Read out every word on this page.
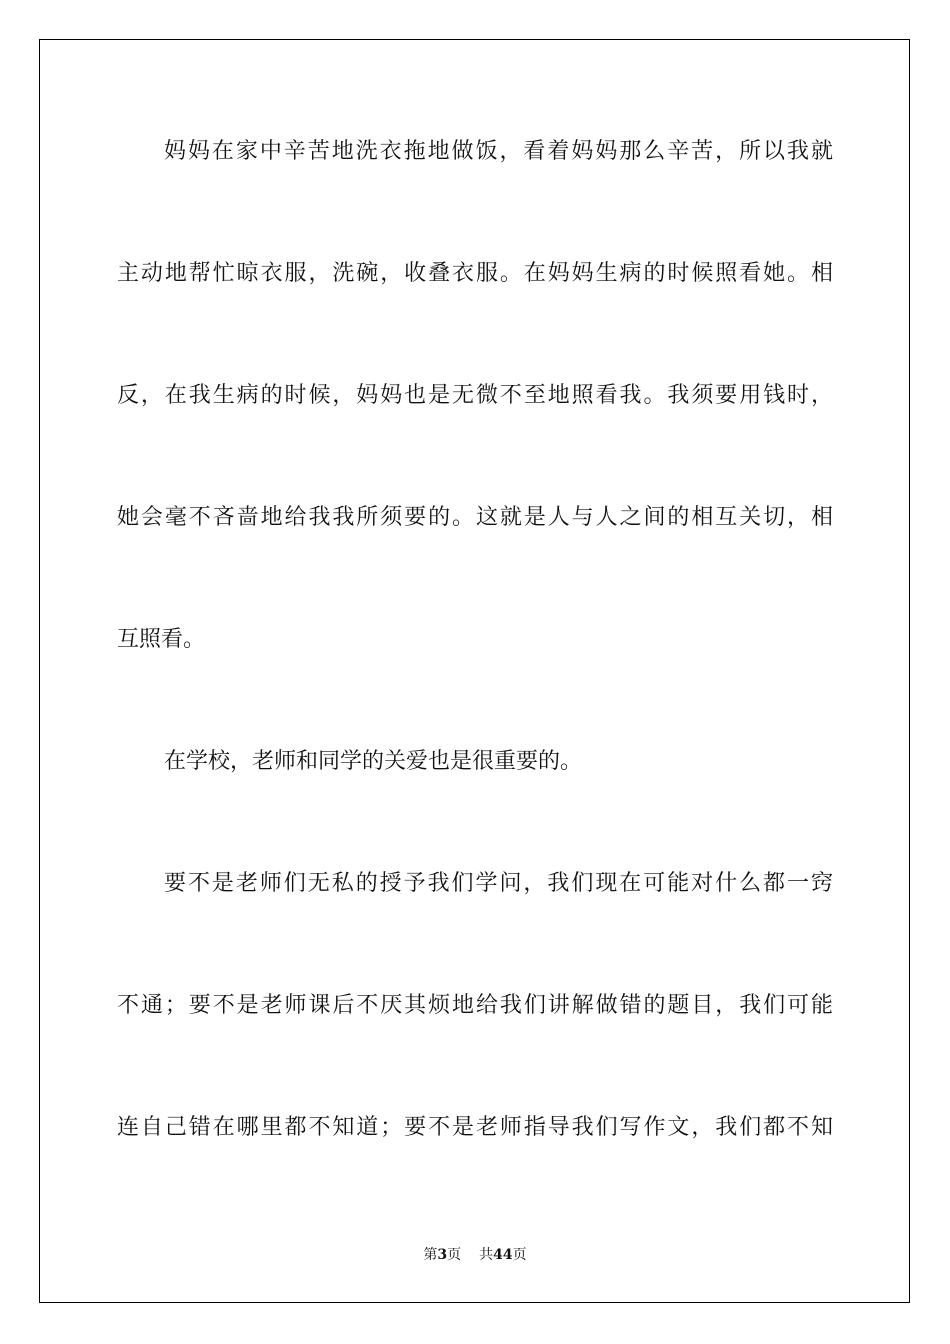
妈妈在家中辛苦地洗衣拖地做饭，看着妈妈那么辛苦，所以我就
主动地帮忙晾衣服，洗碗，收叠衣服。在妈妈生病的时候照看她。相
反，在我生病的时候，妈妈也是无微不至地照看我。我须要用钱时，
她会毫不吝啬地给我我所须要的。这就是人与人之间的相互关切，相
互照看。
在学校，老师和同学的关爱也是很重要的。
要不是老师们无私的授予我们学问，我们现在可能对什么都一窍
不通；要不是老师课后不厌其烦地给我们讲解做错的题目，我们可能
连自己错在哪里都不知道；要不是老师指导我们写作文，我们都不知
第3页 共44页
